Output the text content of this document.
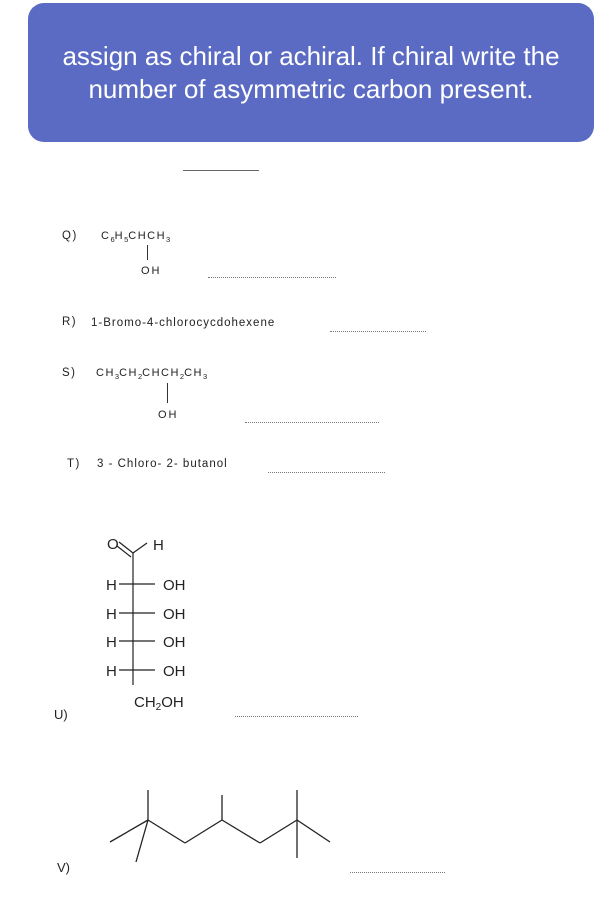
assign as chiral or achiral. If chiral write the number of asymmetric carbon present.
Q) $C_6H_5CHCH_3$
OH
R) 1-Bromo-4-chlorocycdohexene
S) $CH_3CH_2CHCH_2CH_3$
OH
T) 3 - Chloro- 2- butanol
U)
O H
H	OH
H	OH
H	OH
H	OH
$CH_2OH$
V)
